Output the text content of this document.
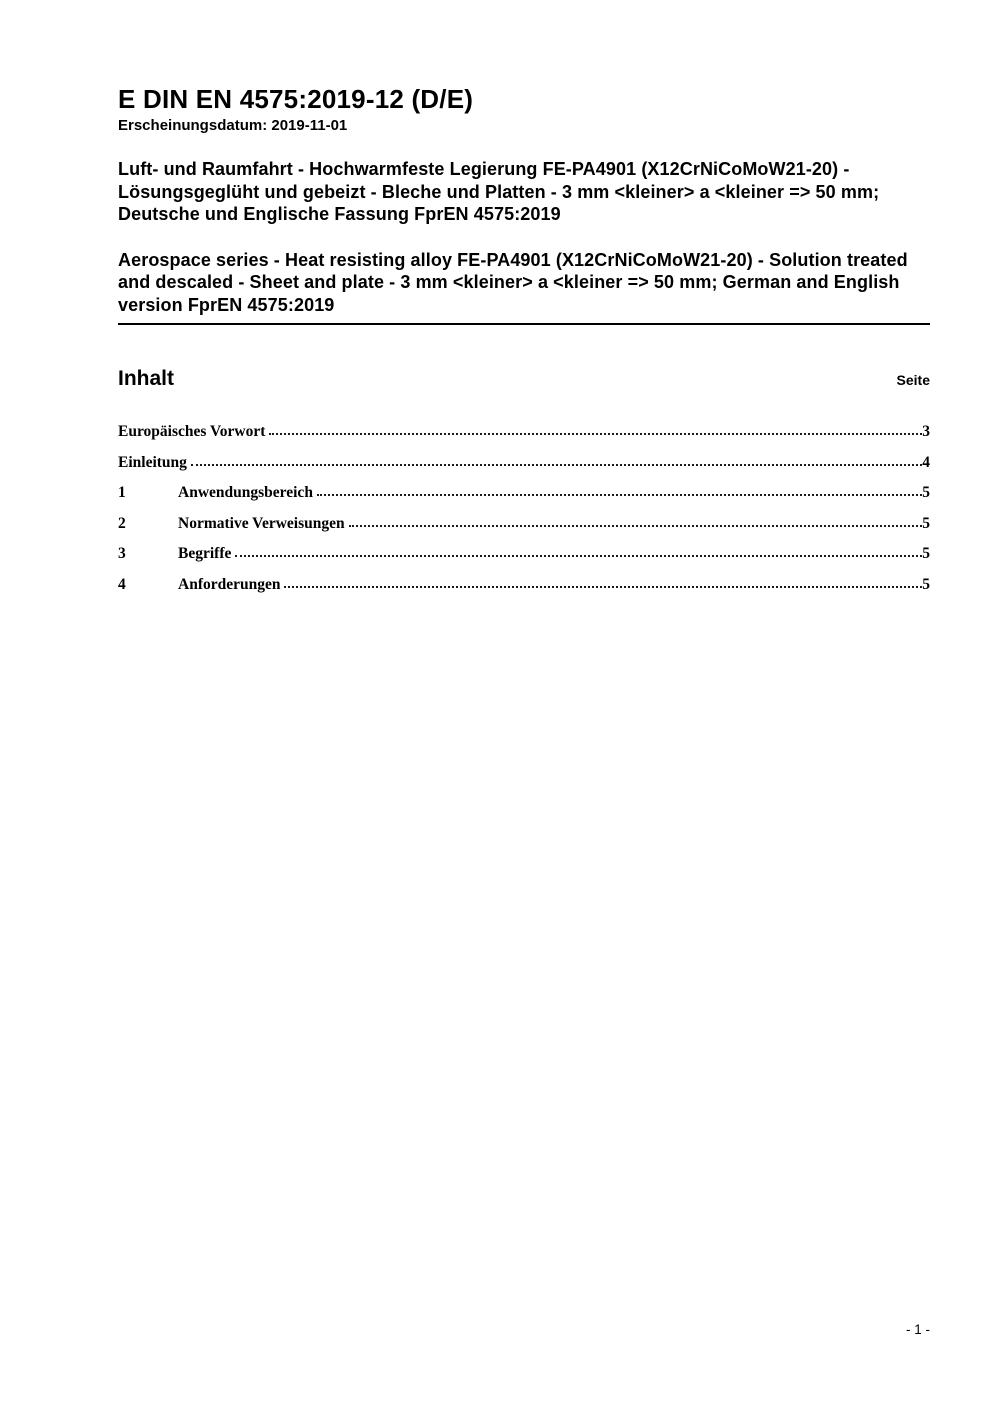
E DIN EN 4575:2019-12 (D/E)
Erscheinungsdatum: 2019-11-01
Luft- und Raumfahrt - Hochwarmfeste Legierung FE-PA4901 (X12CrNiCoMoW21-20) - Lösungsgeglüht und gebeizt - Bleche und Platten - 3 mm <kleiner> a <kleiner => 50 mm; Deutsche und Englische Fassung FprEN 4575:2019
Aerospace series - Heat resisting alloy FE-PA4901 (X12CrNiCoMoW21-20) - Solution treated and descaled - Sheet and plate - 3 mm <kleiner> a <kleiner => 50 mm; German and English version FprEN 4575:2019
Inhalt	Seite
Europäisches Vorwort	3
Einleitung	4
1	Anwendungsbereich	5
2	Normative Verweisungen	5
3	Begriffe	5
4	Anforderungen	5
- 1 -
